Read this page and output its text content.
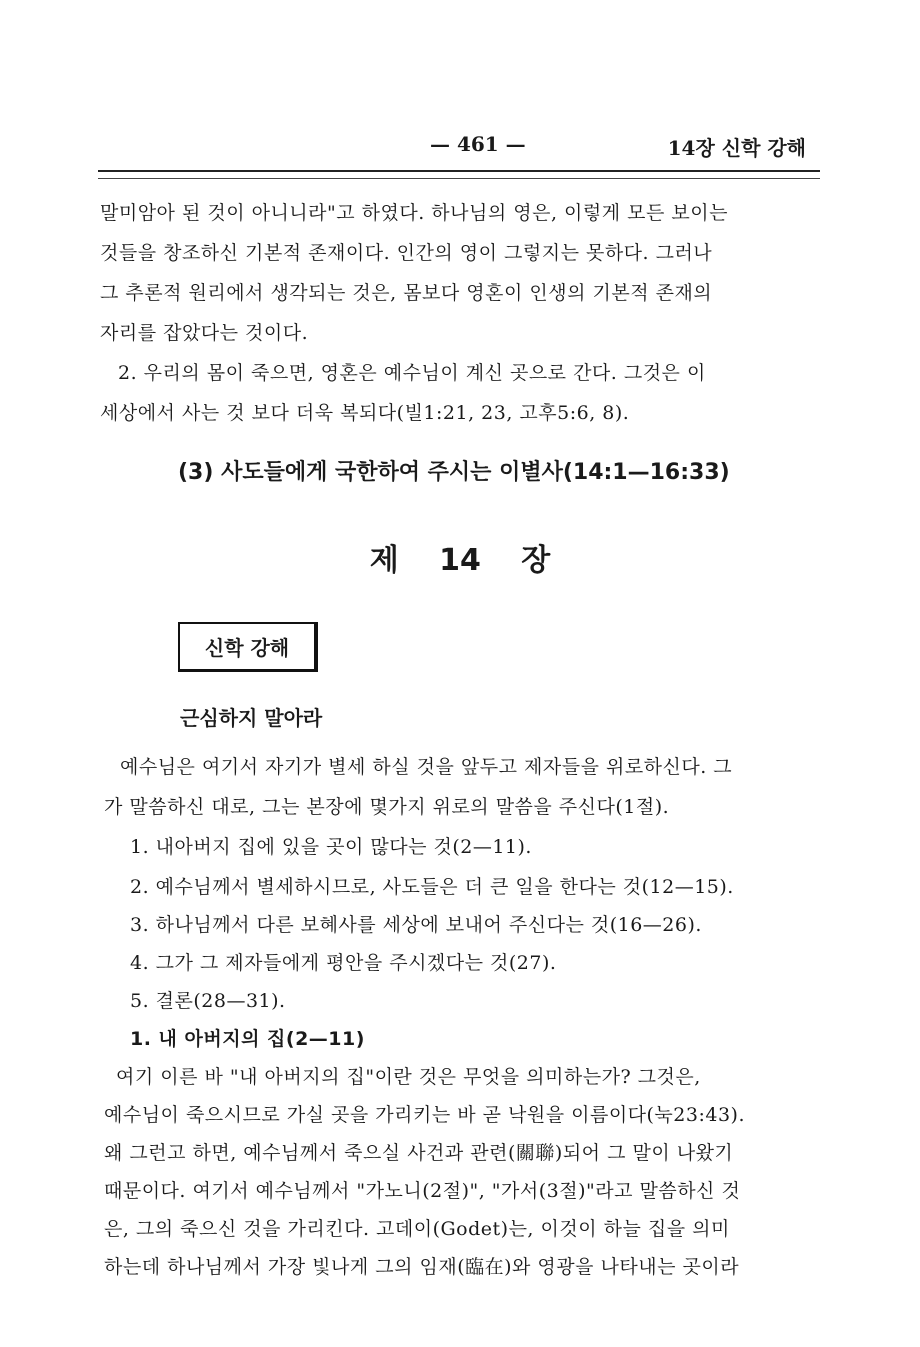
— 461 —	14장 신학 강해
말미암아 된 것이 아니니라"고 하였다. 하나님의 영은, 이렇게 모든 보이는
것들을 창조하신 기본적 존재이다. 인간의 영이 그렇지는 못하다. 그러나
그 추론적 원리에서 생각되는 것은, 몸보다 영혼이 인생의 기본적 존재의
자리를 잡았다는 것이다.
2. 우리의 몸이 죽으면, 영혼은 예수님이 계신 곳으로 간다. 그것은 이
세상에서 사는 것 보다 더욱 복되다(빌1:21, 23, 고후5:6, 8).
(3) 사도들에게 국한하여 주시는 이별사(14:1—16:33)
제 14 장
신학 강해
근심하지 말아라
예수님은 여기서 자기가 별세 하실 것을 앞두고 제자들을 위로하신다. 그
가 말씀하신 대로, 그는 본장에 몇가지 위로의 말씀을 주신다(1절).
1. 내아버지 집에 있을 곳이 많다는 것(2—11).
2. 예수님께서 별세하시므로, 사도들은 더 큰 일을 한다는 것(12—15).
3. 하나님께서 다른 보혜사를 세상에 보내어 주신다는 것(16—26).
4. 그가 그 제자들에게 평안을 주시겠다는 것(27).
5. 결론(28—31).
1. 내 아버지의 집(2—11)
여기 이른 바 "내 아버지의 집"이란 것은 무엇을 의미하는가? 그것은,
예수님이 죽으시므로 가실 곳을 가리키는 바 곧 낙원을 이름이다(눅23:43).
왜 그런고 하면, 예수님께서 죽으실 사건과 관련(關聯)되어 그 말이 나왔기
때문이다. 여기서 예수님께서 "가노니(2절)", "가서(3절)"라고 말씀하신 것
은, 그의 죽으신 것을 가리킨다. 고데이(Godet)는, 이것이 하늘 집을 의미
하는데 하나님께서 가장 빛나게 그의 임재(臨在)와 영광을 나타내는 곳이라
